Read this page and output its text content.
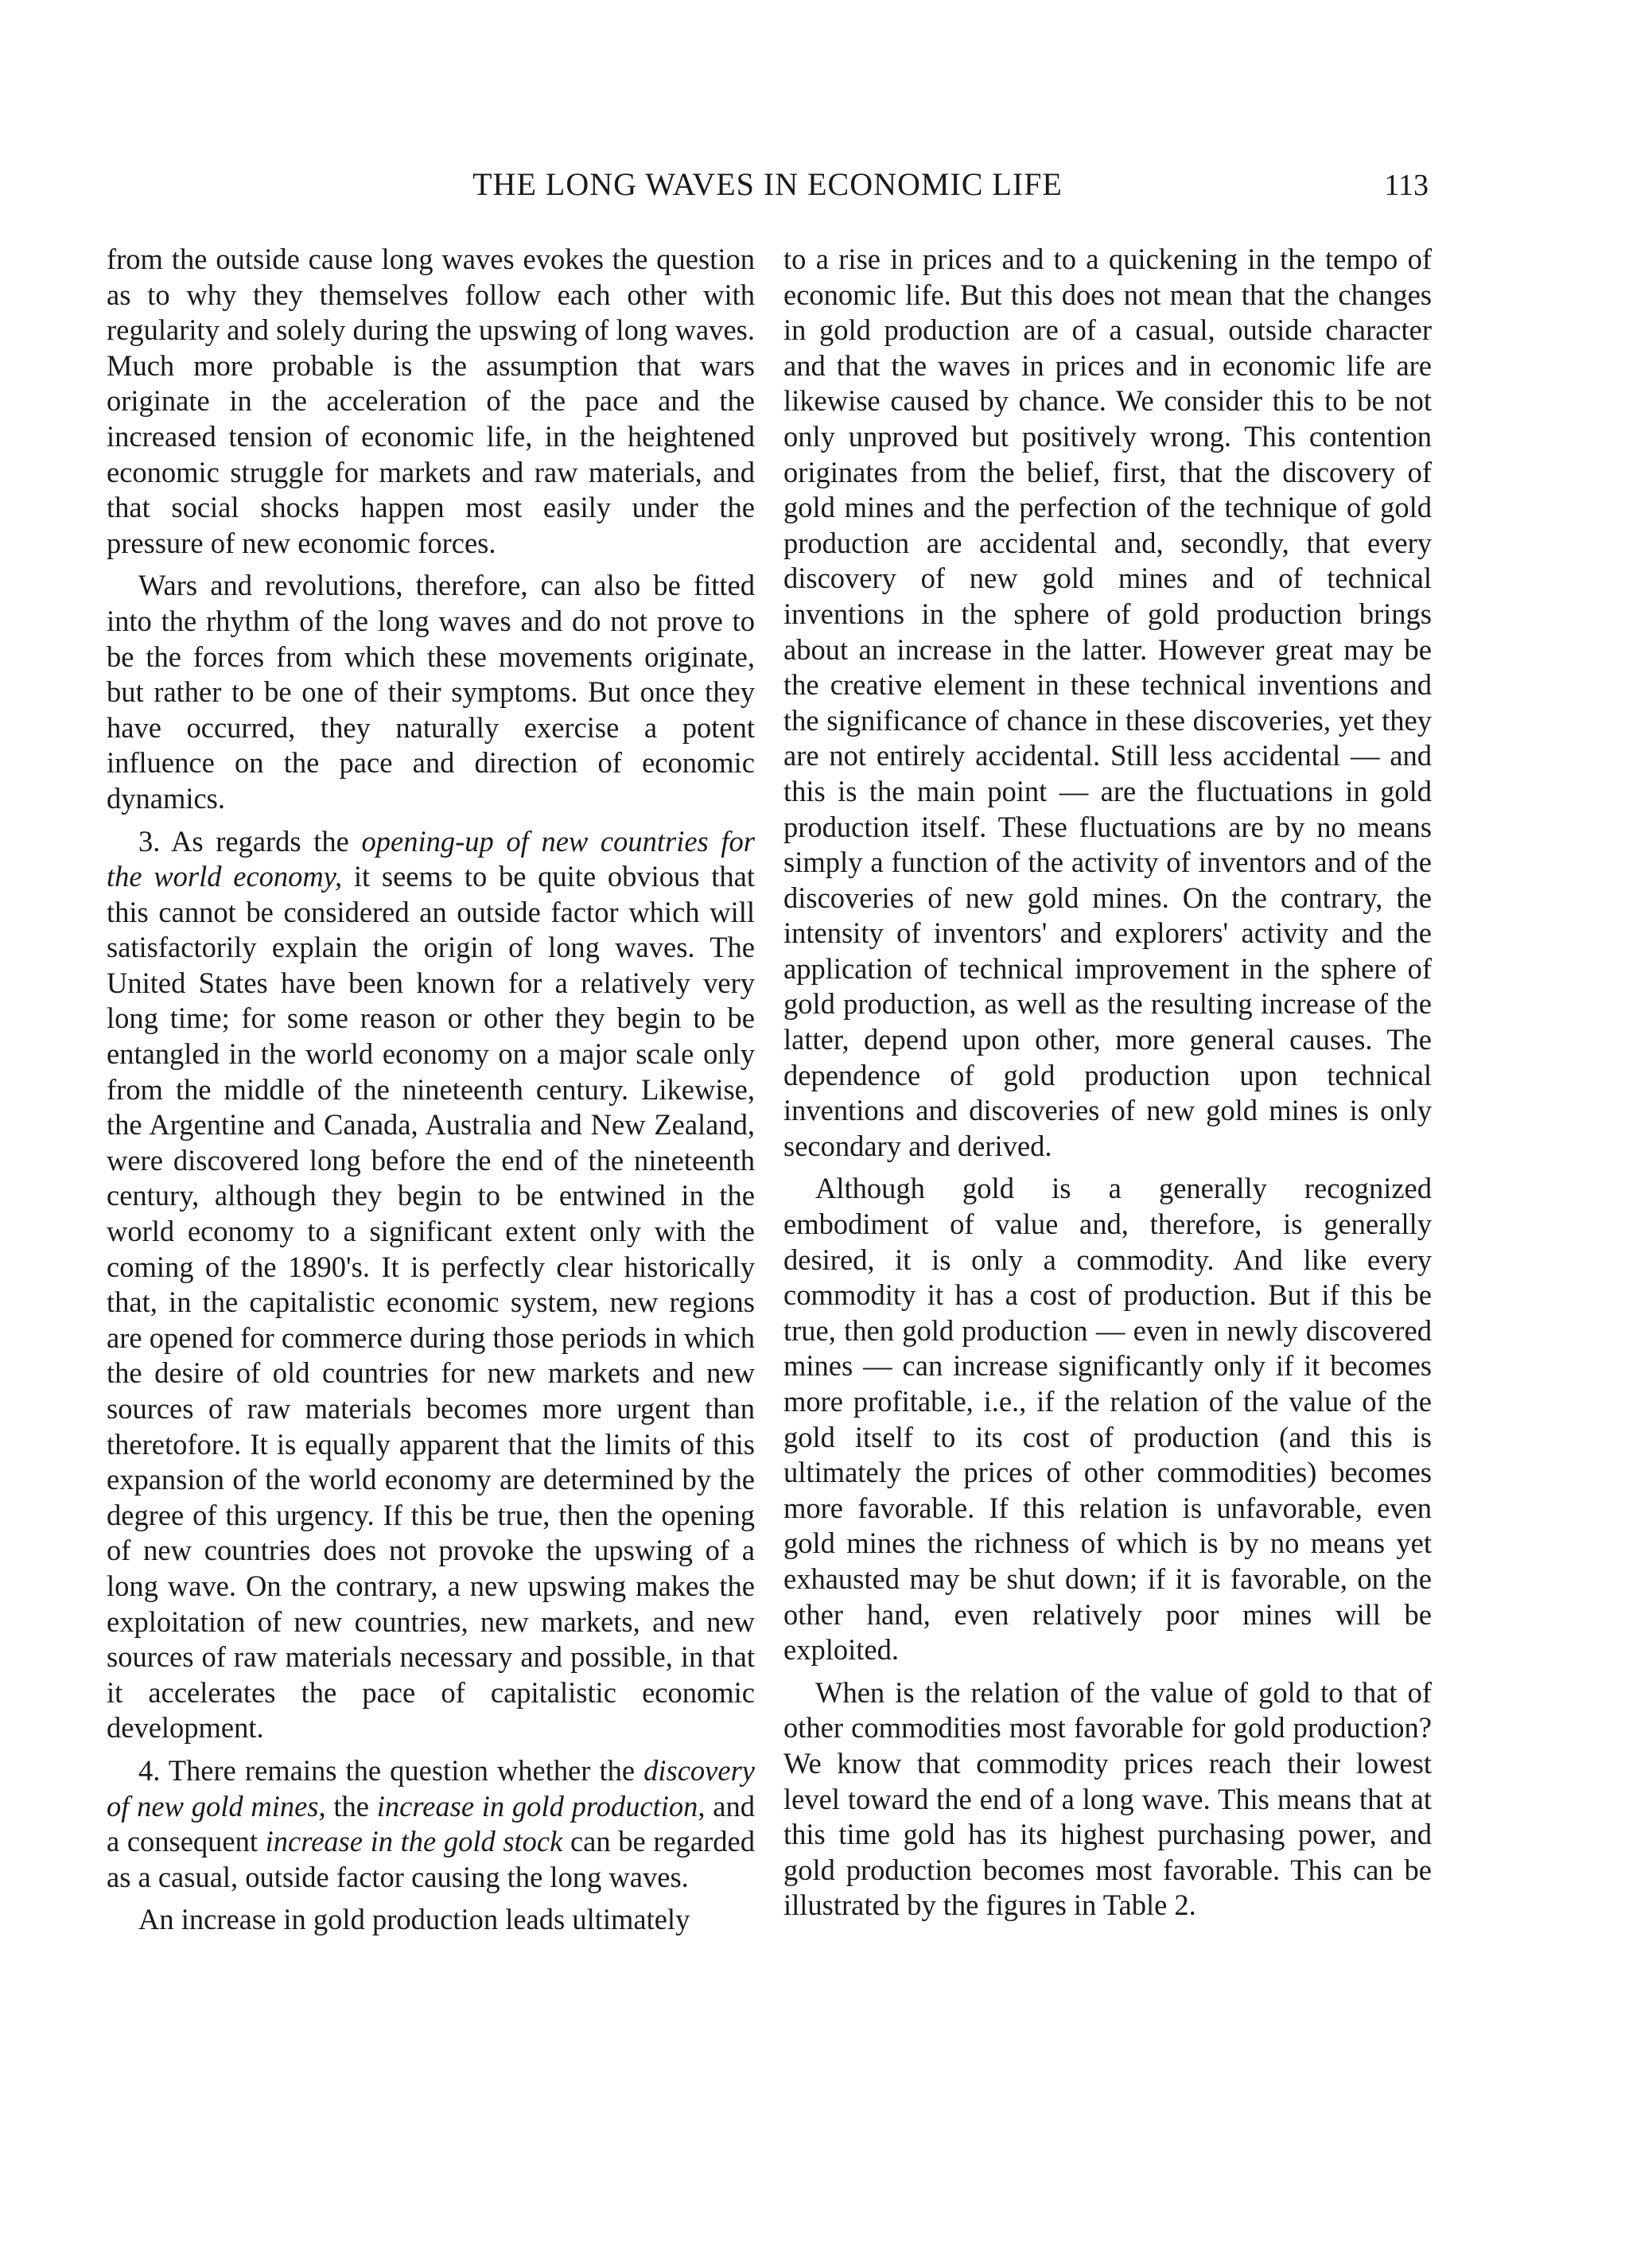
THE LONG WAVES IN ECONOMIC LIFE	113

from the outside cause long waves evokes the question as to why they themselves follow each other with regularity and solely during the upswing of long waves. Much more probable is the assumption that wars originate in the acceleration of the pace and the increased tension of economic life, in the heightened economic struggle for markets and raw materials, and that social shocks happen most easily under the pressure of new economic forces.

Wars and revolutions, therefore, can also be fitted into the rhythm of the long waves and do not prove to be the forces from which these movements originate, but rather to be one of their symptoms. But once they have occurred, they naturally exercise a potent influence on the pace and direction of economic dynamics.

3. As regards the opening-up of new countries for the world economy, it seems to be quite obvious that this cannot be considered an outside factor which will satisfactorily explain the origin of long waves. The United States have been known for a relatively very long time; for some reason or other they begin to be entangled in the world economy on a major scale only from the middle of the nineteenth century. Likewise, the Argentine and Canada, Australia and New Zealand, were discovered long before the end of the nineteenth century, although they begin to be entwined in the world economy to a significant extent only with the coming of the 1890's. It is perfectly clear historically that, in the capitalistic economic system, new regions are opened for commerce during those periods in which the desire of old countries for new markets and new sources of raw materials becomes more urgent than theretofore. It is equally apparent that the limits of this expansion of the world economy are determined by the degree of this urgency. If this be true, then the opening of new countries does not provoke the upswing of a long wave. On the contrary, a new upswing makes the exploitation of new countries, new markets, and new sources of raw materials necessary and possible, in that it accelerates the pace of capitalistic economic development.

4. There remains the question whether the discovery of new gold mines, the increase in gold production, and a consequent increase in the gold stock can be regarded as a casual, outside factor causing the long waves.

An increase in gold production leads ultimately

to a rise in prices and to a quickening in the tempo of economic life. But this does not mean that the changes in gold production are of a casual, outside character and that the waves in prices and in economic life are likewise caused by chance. We consider this to be not only unproved but positively wrong. This contention originates from the belief, first, that the discovery of gold mines and the perfection of the technique of gold production are accidental and, secondly, that every discovery of new gold mines and of technical inventions in the sphere of gold production brings about an increase in the latter. However great may be the creative element in these technical inventions and the significance of chance in these discoveries, yet they are not entirely accidental. Still less accidental — and this is the main point — are the fluctuations in gold production itself. These fluctuations are by no means simply a function of the activity of inventors and of the discoveries of new gold mines. On the contrary, the intensity of inventors' and explorers' activity and the application of technical improvement in the sphere of gold production, as well as the resulting increase of the latter, depend upon other, more general causes. The dependence of gold production upon technical inventions and discoveries of new gold mines is only secondary and derived.

Although gold is a generally recognized embodiment of value and, therefore, is generally desired, it is only a commodity. And like every commodity it has a cost of production. But if this be true, then gold production — even in newly discovered mines — can increase significantly only if it becomes more profitable, i.e., if the relation of the value of the gold itself to its cost of production (and this is ultimately the prices of other commodities) becomes more favorable. If this relation is unfavorable, even gold mines the richness of which is by no means yet exhausted may be shut down; if it is favorable, on the other hand, even relatively poor mines will be exploited.

When is the relation of the value of gold to that of other commodities most favorable for gold production? We know that commodity prices reach their lowest level toward the end of a long wave. This means that at this time gold has its highest purchasing power, and gold production becomes most favorable. This can be illustrated by the figures in Table 2.
